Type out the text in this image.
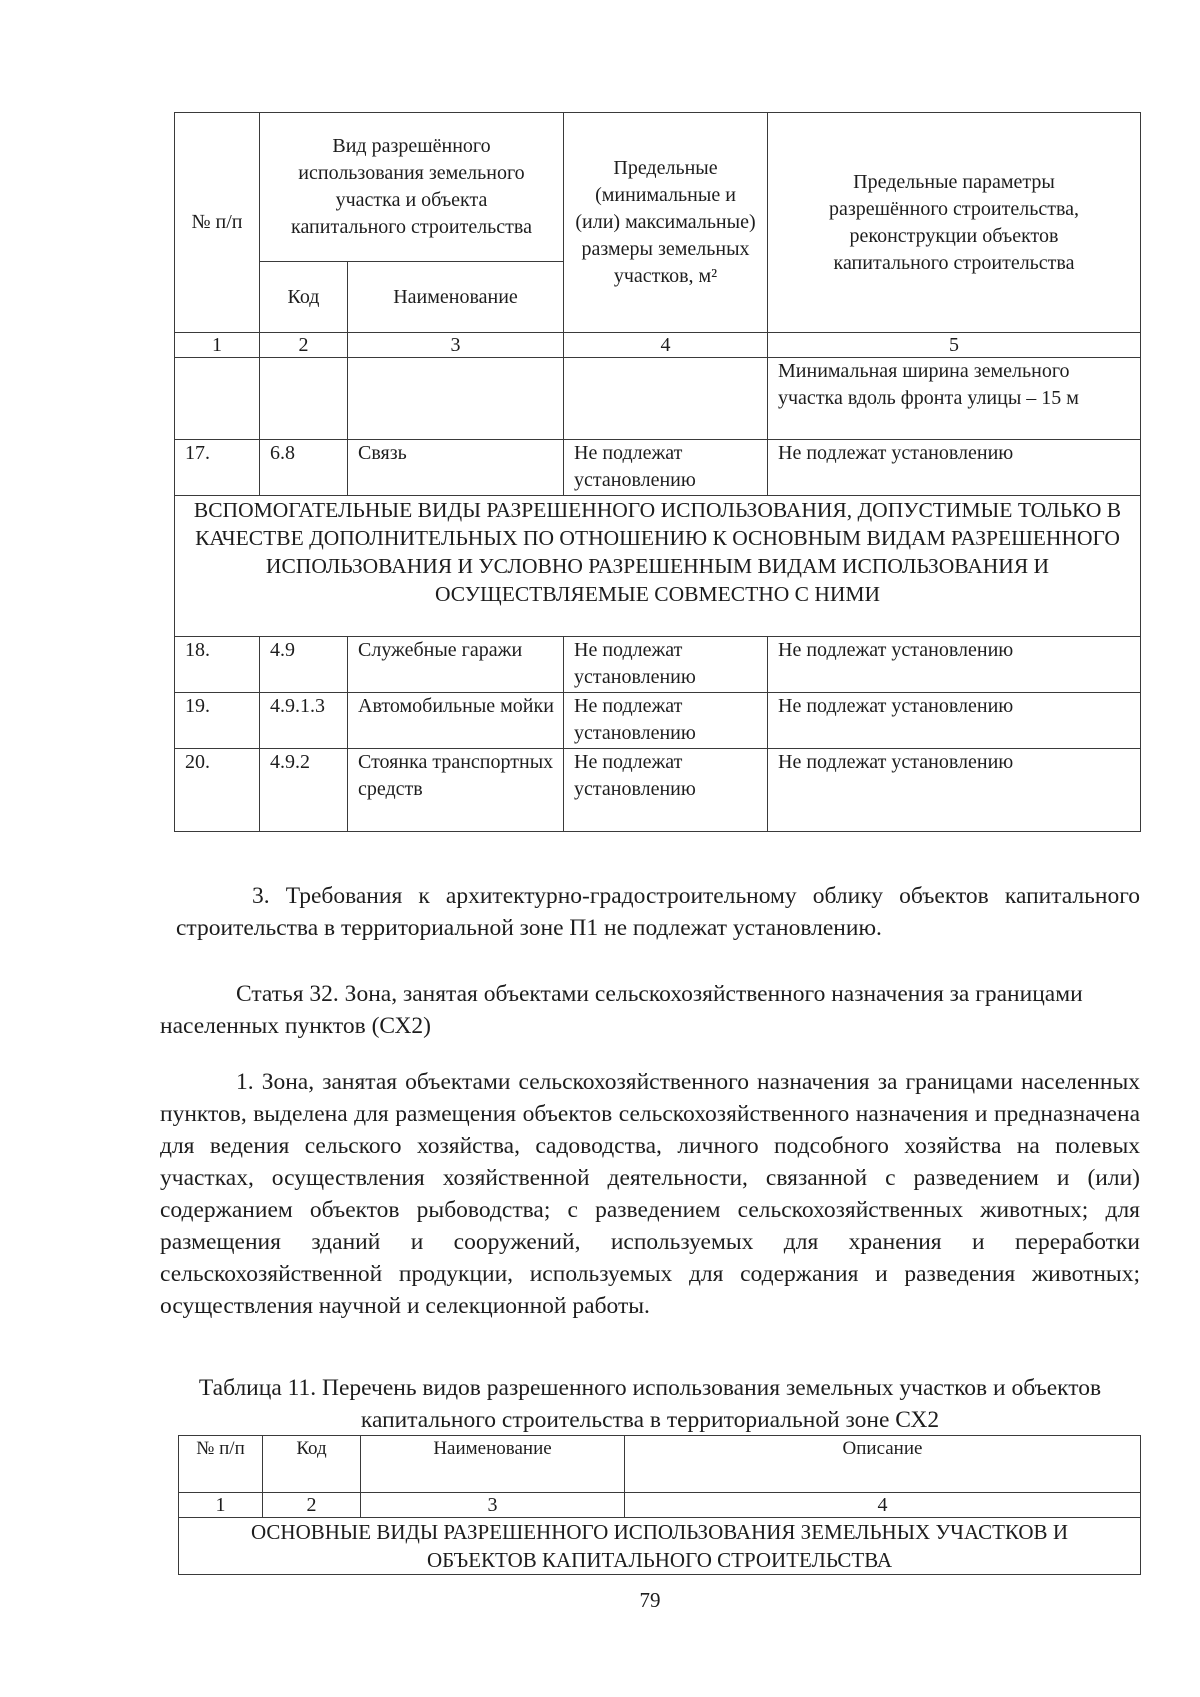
№ п/п	Вид разрешённого использования земельного участка и объекта капитального строительства		Предельные (минимальные и (или) максимальные) размеры земельных участков, м²	Предельные параметры разрешённого строительства, реконструкции объектов капитального строительства
	Код	Наименование		
1	2	3	4	5
				Минимальная ширина земельного участка вдоль фронта улицы – 15 м
17.	6.8	Связь	Не подлежат установлению	Не подлежат установлению
ВСПОМОГАТЕЛЬНЫЕ ВИДЫ РАЗРЕШЕННОГО ИСПОЛЬЗОВАНИЯ, ДОПУСТИМЫЕ ТОЛЬКО В КАЧЕСТВЕ ДОПОЛНИТЕЛЬНЫХ ПО ОТНОШЕНИЮ К ОСНОВНЫМ ВИДАМ РАЗРЕШЕННОГО ИСПОЛЬЗОВАНИЯ И УСЛОВНО РАЗРЕШЕННЫМ ВИДАМ ИСПОЛЬЗОВАНИЯ И ОСУЩЕСТВЛЯЕМЫЕ СОВМЕСТНО С НИМИ				
18.	4.9	Служебные гаражи	Не подлежат установлению	Не подлежат установлению
19.	4.9.1.3	Автомобильные мойки	Не подлежат установлению	Не подлежат установлению
20.	4.9.2	Стоянка транспортных средств	Не подлежат установлению	Не подлежат установлению

3. Требования к архитектурно-градостроительному облику объектов капитального строительства в территориальной зоне П1 не подлежат установлению.

Статья 32. Зона, занятая объектами сельскохозяйственного назначения за границами населенных пунктов (СХ2)

1. Зона, занятая объектами сельскохозяйственного назначения за границами населенных пунктов, выделена для размещения объектов сельскохозяйственного назначения и предназначена для ведения сельского хозяйства, садоводства, личного подсобного хозяйства на полевых участках, осуществления хозяйственной деятельности, связанной с разведением и (или) содержанием объектов рыбоводства; с разведением сельскохозяйственных животных; для размещения зданий и сооружений, используемых для хранения и переработки сельскохозяйственной продукции, используемых для содержания и разведения животных; осуществления научной и селекционной работы.

Таблица 11. Перечень видов разрешенного использования земельных участков и объектов капитального строительства в территориальной зоне СХ2
№ п/п	Код	Наименование	Описание
1	2	3	4
ОСНОВНЫЕ ВИДЫ РАЗРЕШЕННОГО ИСПОЛЬЗОВАНИЯ ЗЕМЕЛЬНЫХ УЧАСТКОВ И ОБЪЕКТОВ КАПИТАЛЬНОГО СТРОИТЕЛЬСТВА			
79
